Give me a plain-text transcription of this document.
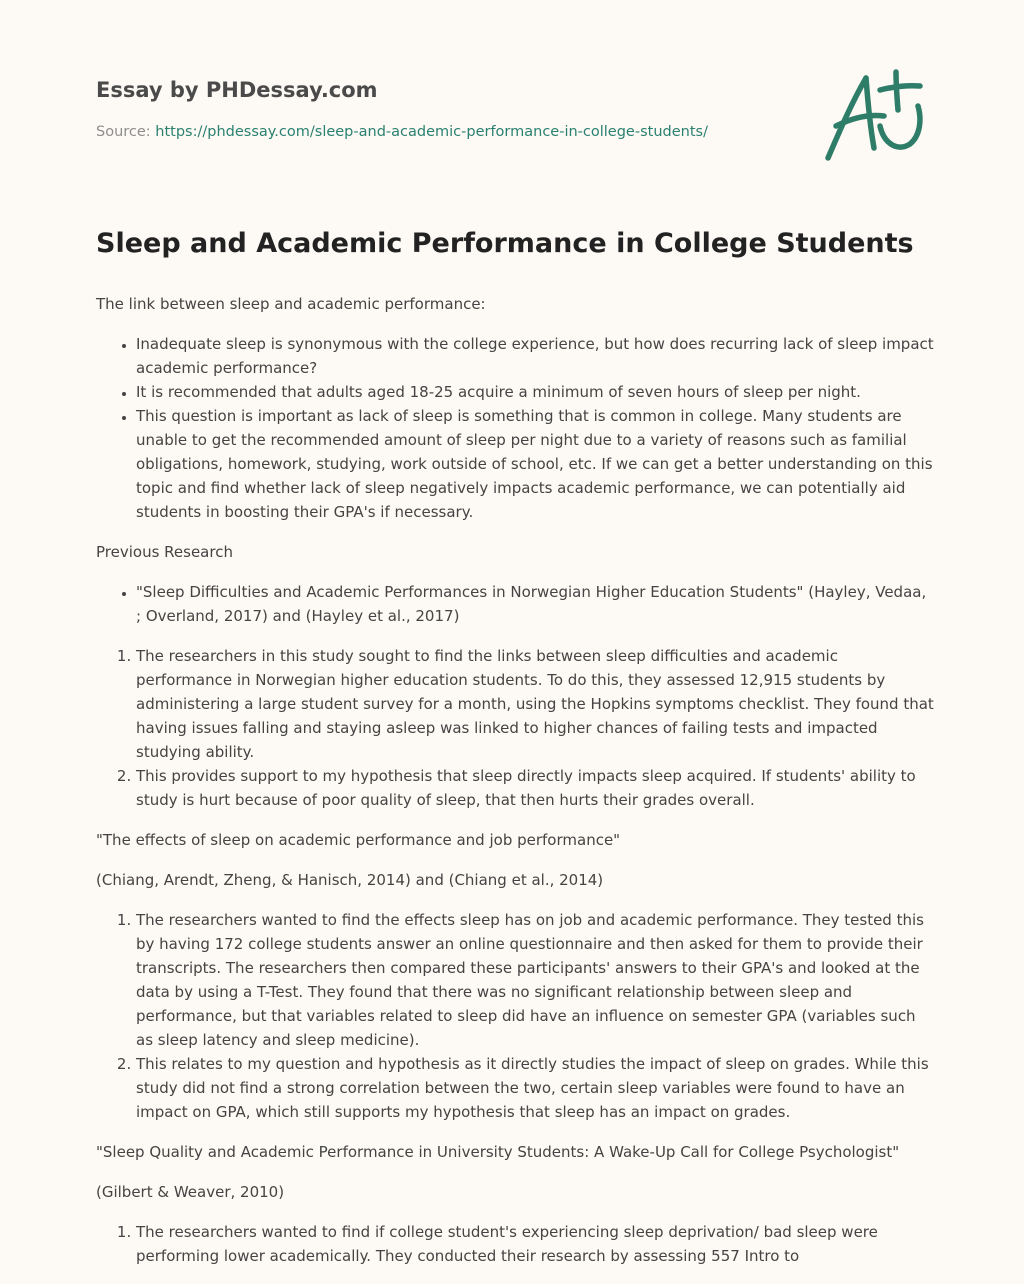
Essay by PHDessay.com
Source: https://phdessay.com/sleep-and-academic-performance-in-college-students/
Sleep and Academic Performance in College Students

The link between sleep and academic performance:

• Inadequate sleep is synonymous with the college experience, but how does recurring lack of sleep impact academic performance?
• It is recommended that adults aged 18-25 acquire a minimum of seven hours of sleep per night.
• This question is important as lack of sleep is something that is common in college. Many students are unable to get the recommended amount of sleep per night due to a variety of reasons such as familial obligations, homework, studying, work outside of school, etc. If we can get a better understanding on this topic and find whether lack of sleep negatively impacts academic performance, we can potentially aid students in boosting their GPA's if necessary.

Previous Research

• "Sleep Difficulties and Academic Performances in Norwegian Higher Education Students" (Hayley, Vedaa, ; Overland, 2017) and (Hayley et al., 2017)
1. The researchers in this study sought to find the links between sleep difficulties and academic performance in Norwegian higher education students. To do this, they assessed 12,915 students by administering a large student survey for a month, using the Hopkins symptoms checklist. They found that having issues falling and staying asleep was linked to higher chances of failing tests and impacted studying ability.
2. This provides support to my hypothesis that sleep directly impacts sleep acquired. If students' ability to study is hurt because of poor quality of sleep, that then hurts their grades overall.

"The effects of sleep on academic performance and job performance"

(Chiang, Arendt, Zheng, & Hanisch, 2014) and (Chiang et al., 2014)

1. The researchers wanted to find the effects sleep has on job and academic performance. They tested this by having 172 college students answer an online questionnaire and then asked for them to provide their transcripts. The researchers then compared these participants' answers to their GPA's and looked at the data by using a T-Test. They found that there was no significant relationship between sleep and performance, but that variables related to sleep did have an influence on semester GPA (variables such as sleep latency and sleep medicine).
2. This relates to my question and hypothesis as it directly studies the impact of sleep on grades. While this study did not find a strong correlation between the two, certain sleep variables were found to have an impact on GPA, which still supports my hypothesis that sleep has an impact on grades.

"Sleep Quality and Academic Performance in University Students: A Wake-Up Call for College Psychologist"

(Gilbert & Weaver, 2010)

1. The researchers wanted to find if college student's experiencing sleep deprivation/ bad sleep were performing lower academically. They conducted their research by assessing 557 Intro to
